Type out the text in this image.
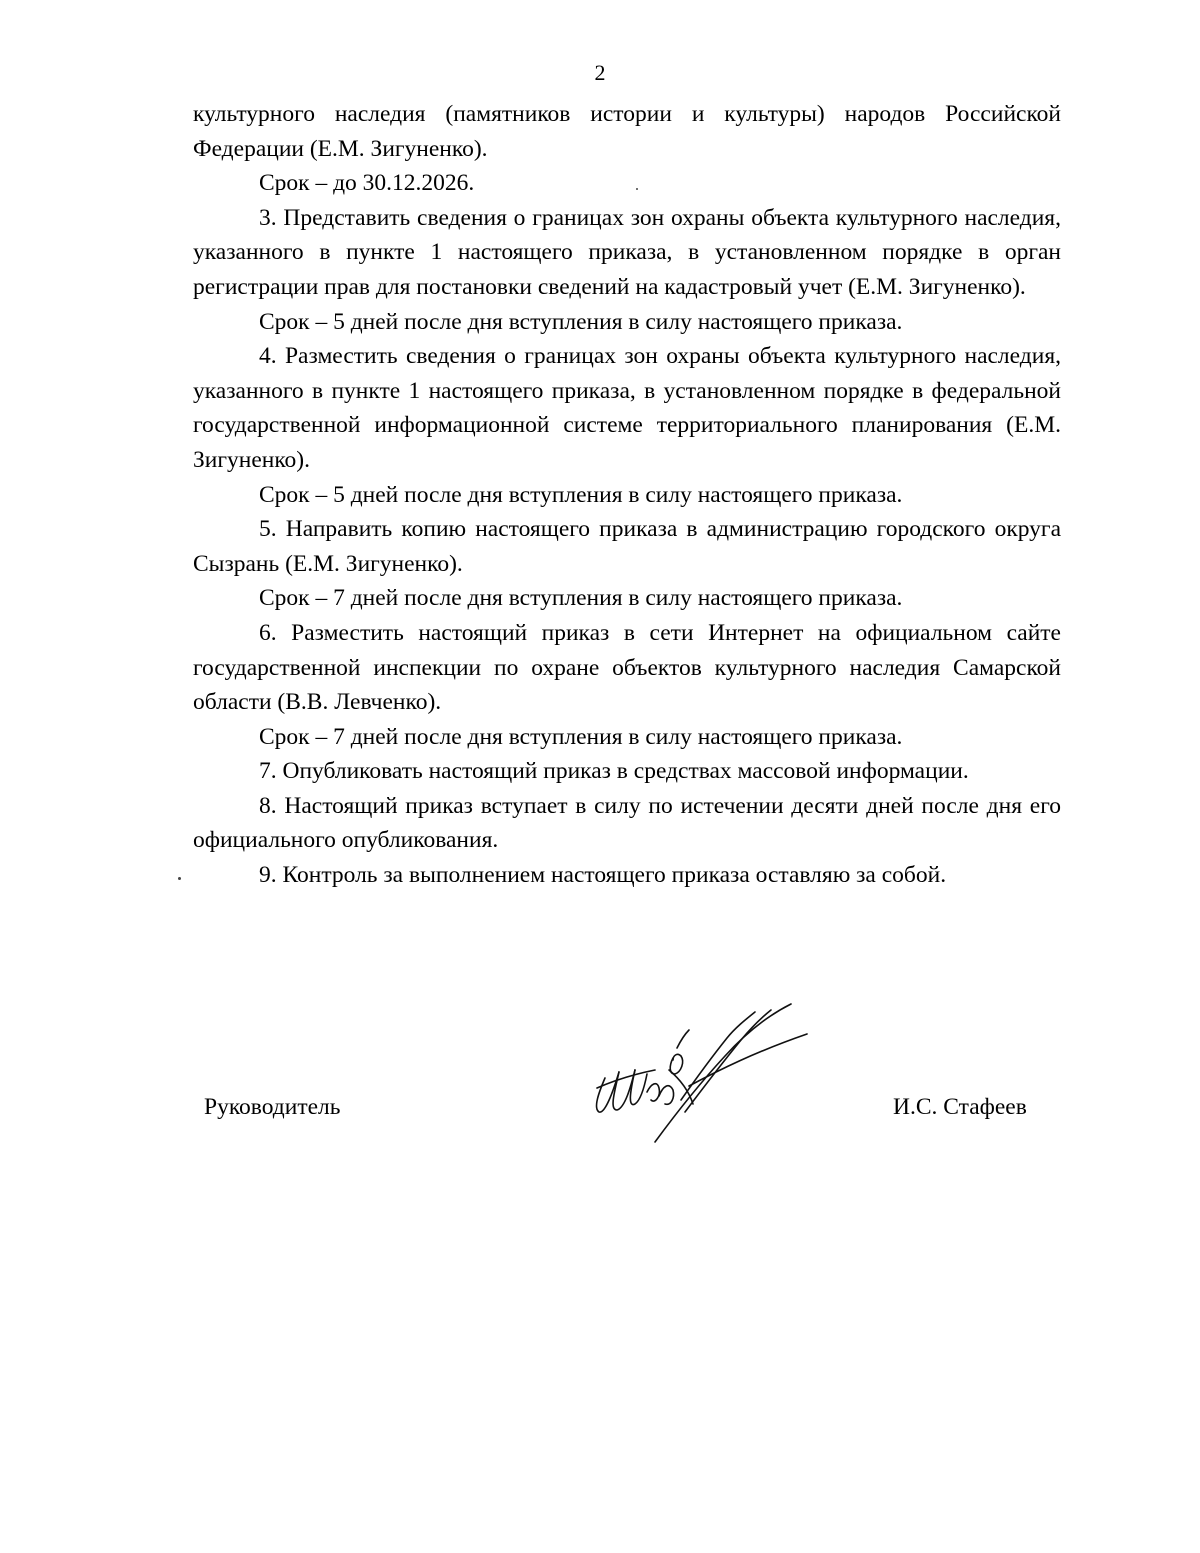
2

культурного наследия (памятников истории и культуры) народов Российской Федерации (Е.М. Зигуненко).

Срок – до 30.12.2026.

3. Представить сведения о границах зон охраны объекта культурного наследия, указанного в пункте 1 настоящего приказа, в установленном порядке в орган регистрации прав для постановки сведений на кадастровый учет (Е.М. Зигуненко).

Срок – 5 дней после дня вступления в силу настоящего приказа.

4. Разместить сведения о границах зон охраны объекта культурного наследия, указанного в пункте 1 настоящего приказа, в установленном порядке в федеральной государственной информационной системе территориального планирования (Е.М. Зигуненко).

Срок – 5 дней после дня вступления в силу настоящего приказа.

5. Направить копию настоящего приказа в администрацию городского округа Сызрань (Е.М. Зигуненко).

Срок – 7 дней после дня вступления в силу настоящего приказа.

6. Разместить настоящий приказ в сети Интернет на официальном сайте государственной инспекции по охране объектов культурного наследия Самарской области (В.В. Левченко).

Срок – 7 дней после дня вступления в силу настоящего приказа.

7. Опубликовать настоящий приказ в средствах массовой информации.

8. Настоящий приказ вступает в силу по истечении десяти дней после дня его официального опубликования.

9. Контроль за выполнением настоящего приказа оставляю за собой.

Руководитель	И.С. Стафеев
